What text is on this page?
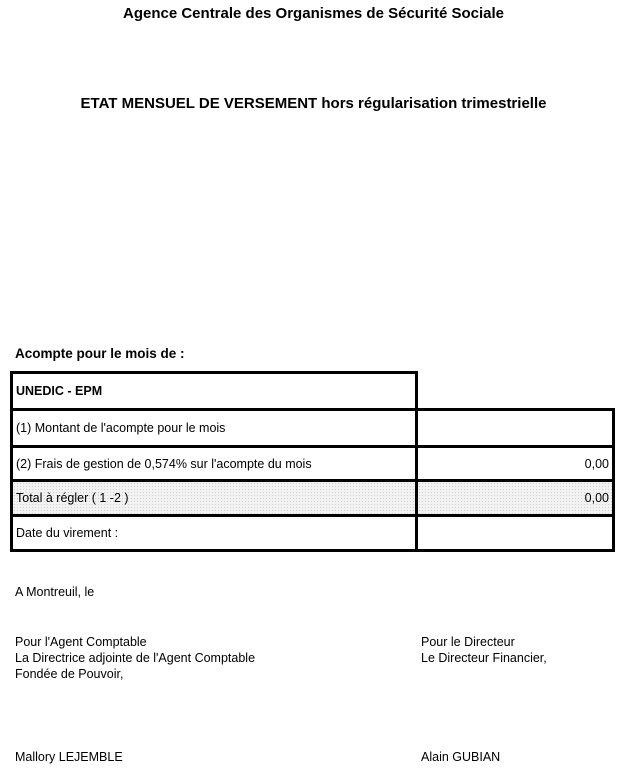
Agence Centrale des Organismes de Sécurité Sociale
ETAT MENSUEL DE VERSEMENT hors régularisation trimestrielle
Acompte pour le mois de :
UNEDIC - EPM
(1) Montant de l'acompte pour le mois
(2) Frais de gestion de 0,574% sur l'acompte du mois	0,00
Total à régler ( 1 -2 )	0,00
Date du virement :
A Montreuil, le
Pour l'Agent Comptable
La Directrice adjointe de l'Agent Comptable
Fondée de Pouvoir,
Mallory LEJEMBLE
Pour le Directeur
Le Directeur Financier,
Alain GUBIAN
